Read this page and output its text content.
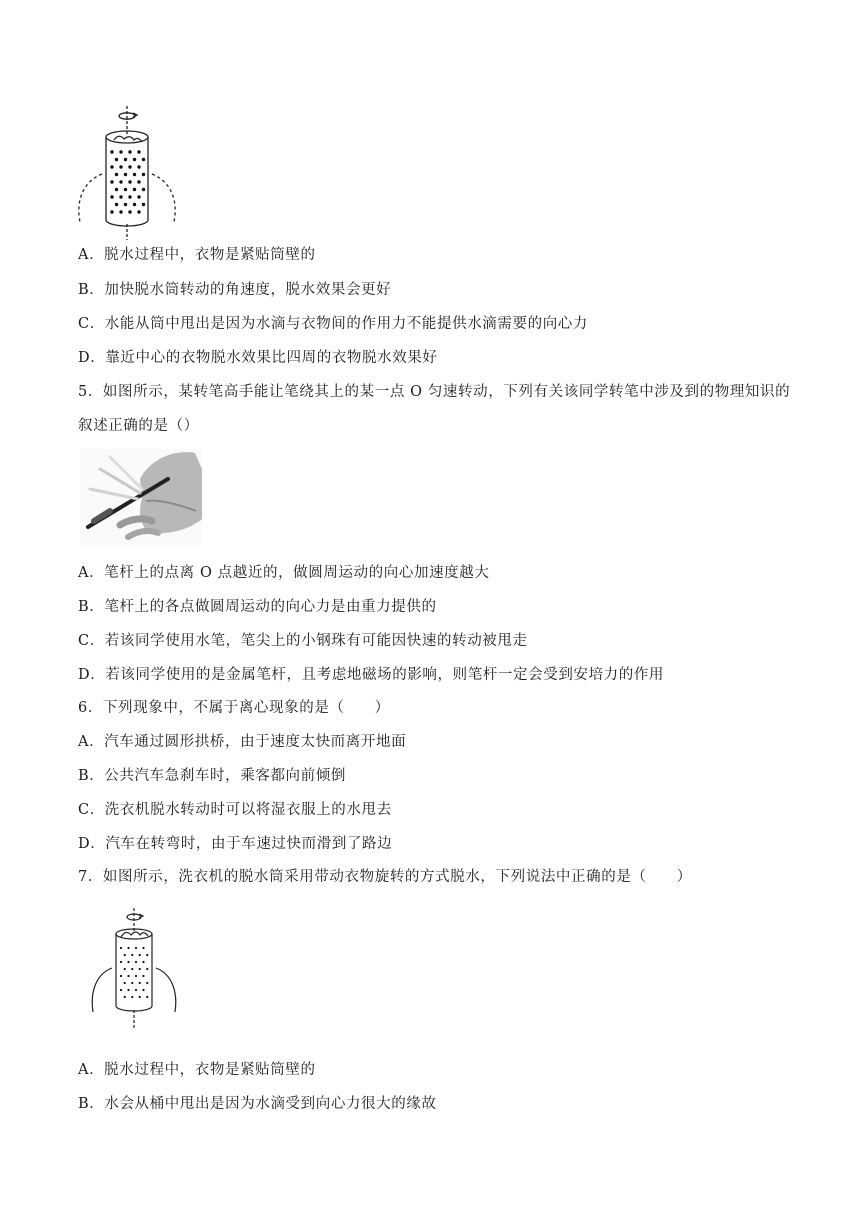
A．脱水过程中，衣物是紧贴筒壁的
B．加快脱水筒转动的角速度，脱水效果会更好
C．水能从筒中甩出是因为水滴与衣物间的作用力不能提供水滴需要的向心力
D．靠近中心的衣物脱水效果比四周的衣物脱水效果好
5．如图所示，某转笔高手能让笔绕其上的某一点 O 匀速转动，下列有关该同学转笔中涉及到的物理知识的
叙述正确的是（）
A．笔杆上的点离 O 点越近的，做圆周运动的向心加速度越大
B．笔杆上的各点做圆周运动的向心力是由重力提供的
C．若该同学使用水笔，笔尖上的小钢珠有可能因快速的转动被甩走
D．若该同学使用的是金属笔杆，且考虑地磁场的影响，则笔杆一定会受到安培力的作用
6．下列现象中，不属于离心现象的是（　　）
A．汽车通过圆形拱桥，由于速度太快而离开地面
B．公共汽车急刹车时，乘客都向前倾倒
C．洗衣机脱水转动时可以将湿衣服上的水甩去
D．汽车在转弯时，由于车速过快而滑到了路边
7．如图所示，洗衣机的脱水筒采用带动衣物旋转的方式脱水，下列说法中正确的是（　　）
A．脱水过程中，衣物是紧贴筒壁的
B．水会从桶中甩出是因为水滴受到向心力很大的缘故
